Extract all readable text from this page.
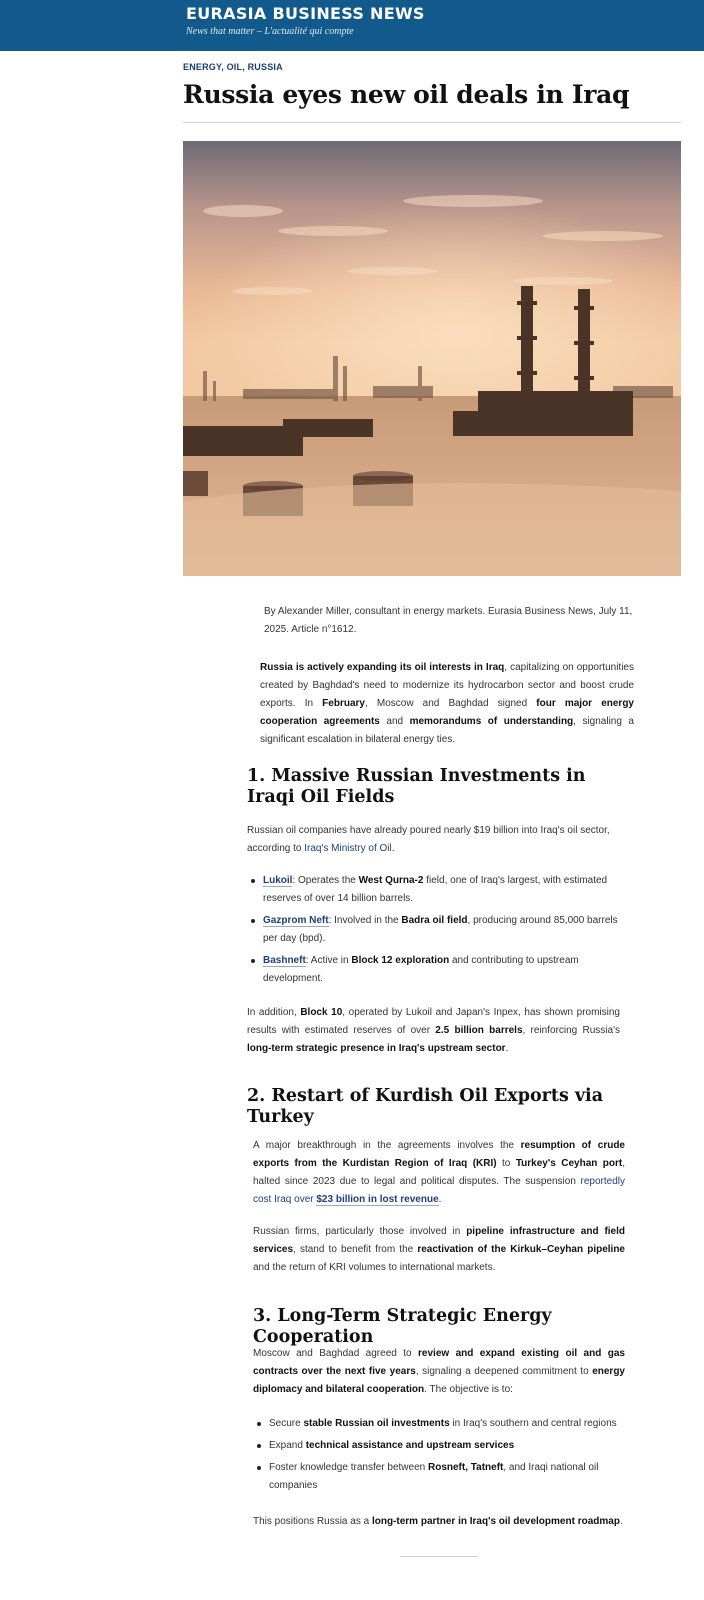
EURASIA BUSINESS NEWS
News that matter – L'actualité qui compte
ENERGY, OIL, RUSSIA
Russia eyes new oil deals in Iraq
By Alexander Miller, consultant in energy markets. Eurasia Business News, July 11,
2025. Article n°1612.

Russia is actively expanding its oil interests in Iraq, capitalizing on opportunities created by Baghdad's need to modernize its hydrocarbon sector and boost crude exports. In February, Moscow and Baghdad signed four major energy cooperation agreements and memorandums of understanding, signaling a significant escalation in bilateral energy ties.

1. Massive Russian Investments in Iraqi Oil Fields

Russian oil companies have already poured nearly $19 billion into Iraq's oil sector, according to Iraq's Ministry of Oil.

Lukoil: Operates the West Qurna-2 field, one of Iraq's largest, with estimated reserves of over 14 billion barrels.
Gazprom Neft: Involved in the Badra oil field, producing around 85,000 barrels per day (bpd).
Bashneft: Active in Block 12 exploration and contributing to upstream development.

In addition, Block 10, operated by Lukoil and Japan's Inpex, has shown promising results with estimated reserves of over 2.5 billion barrels, reinforcing Russia's long-term strategic presence in Iraq's upstream sector.

2. Restart of Kurdish Oil Exports via Turkey

A major breakthrough in the agreements involves the resumption of crude exports from the Kurdistan Region of Iraq (KRI) to Turkey's Ceyhan port, halted since 2023 due to legal and political disputes. The suspension reportedly cost Iraq over $23 billion in lost revenue.

Russian firms, particularly those involved in pipeline infrastructure and field services, stand to benefit from the reactivation of the Kirkuk–Ceyhan pipeline and the return of KRI volumes to international markets.

3. Long-Term Strategic Energy Cooperation

Moscow and Baghdad agreed to review and expand existing oil and gas contracts over the next five years, signaling a deepened commitment to energy diplomacy and bilateral cooperation. The objective is to:

Secure stable Russian oil investments in Iraq's southern and central regions
Expand technical assistance and upstream services
Foster knowledge transfer between Rosneft, Tatneft, and Iraqi national oil companies

This positions Russia as a long-term partner in Iraq's oil development roadmap.
